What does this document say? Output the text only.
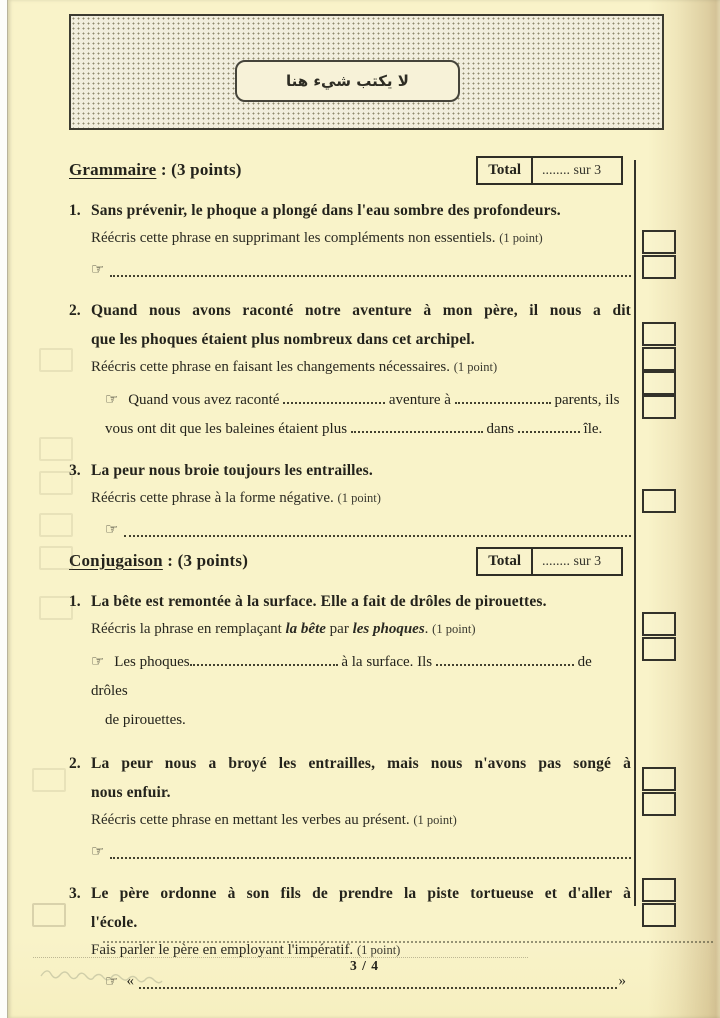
لا يكتب شيء هنا
Grammaire : (3 points)	Total	........ sur 3
1. Sans prévenir, le phoque a plongé dans l'eau sombre des profondeurs.
Réécris cette phrase en supprimant les compléments non essentiels. (1 point)
☞
2. Quand nous avons raconté notre aventure à mon père, il nous a dit
que les phoques étaient plus nombreux dans cet archipel.
Réécris cette phrase en faisant les changements nécessaires. (1 point)
☞ Quand vous avez raconté	aventure à	parents, ils
vous ont dit que les baleines étaient plus	dans	île.
3. La peur nous broie toujours les entrailles.
Réécris cette phrase à la forme négative. (1 point)
☞
Conjugaison : (3 points)	Total	........ sur 3
1. La bête est remontée à la surface. Elle a fait de drôles de pirouettes.
Réécris la phrase en remplaçant la bête par les phoques. (1 point)
☞ Les phoques	à la surface. Ils	de drôles
de pirouettes.
2. La peur nous a broyé les entrailles, mais nous n'avons pas songé à
nous enfuir.
Réécris cette phrase en mettant les verbes au présent. (1 point)
☞
3. Le père ordonne à son fils de prendre la piste tortueuse et d'aller à
l'école.
Fais parler le père en employant l'impératif. (1 point)
☞ «	»
3 / 4
